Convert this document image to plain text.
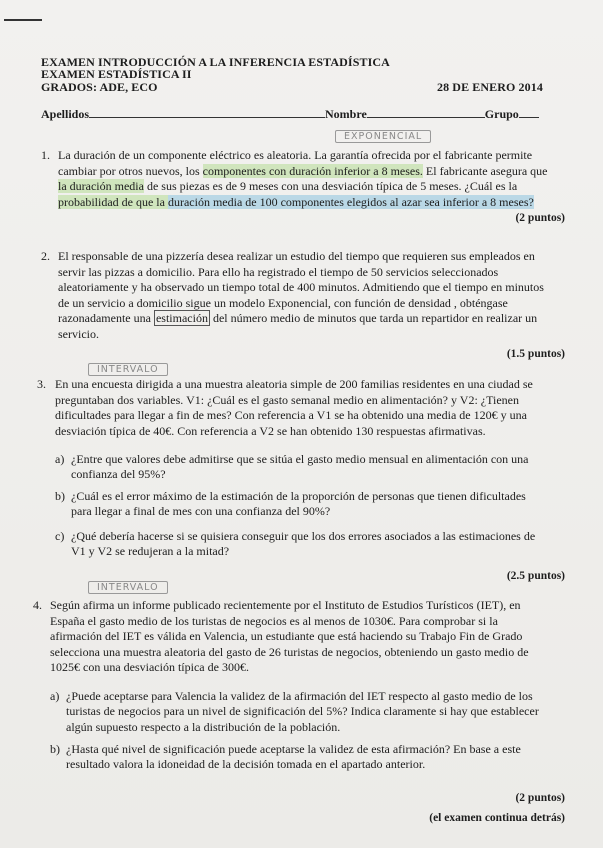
EXAMEN INTRODUCCIÓN A LA INFERENCIA ESTADÍSTICA
EXAMEN ESTADÍSTICA II
GRADOS: ADE, ECO	28 DE ENERO 2014
Apellidos	Nombre	Grupo
EXPONENCIAL
1. La duración de un componente eléctrico es aleatoria. La garantía ofrecida por el fabricante permite
cambiar por otros nuevos, los componentes con duración inferior a 8 meses. El fabricante asegura que
la duración media de sus piezas es de 9 meses con una desviación típica de 5 meses. ¿Cuál es la
probabilidad de que la duración media de 100 componentes elegidos al azar sea inferior a 8 meses?
(2 puntos)
2. El responsable de una pizzería desea realizar un estudio del tiempo que requieren sus empleados en
servir las pizzas a domicilio. Para ello ha registrado el tiempo de 50 servicios seleccionados
aleatoriamente y ha observado un tiempo total de 400 minutos. Admitiendo que el tiempo en minutos
de un servicio a domicilio sigue un modelo Exponencial, con función de densidad , obténgase
razonadamente una estimación del número medio de minutos que tarda un repartidor en realizar un
servicio.
(1.5 puntos)
INTERVALO
3. En una encuesta dirigida a una muestra aleatoria simple de 200 familias residentes en una ciudad se
preguntaban dos variables. V1: ¿Cuál es el gasto semanal medio en alimentación? y V2: ¿Tienen
dificultades para llegar a fin de mes? Con referencia a V1 se ha obtenido una media de 120€ y una
desviación típica de 40€. Con referencia a V2 se han obtenido 130 respuestas afirmativas.
a) ¿Entre que valores debe admitirse que se sitúa el gasto medio mensual en alimentación con una
confianza del 95%?
b) ¿Cuál es el error máximo de la estimación de la proporción de personas que tienen dificultades
para llegar a final de mes con una confianza del 90%?
c) ¿Qué debería hacerse si se quisiera conseguir que los dos errores asociados a las estimaciones de
V1 y V2 se redujeran a la mitad?
(2.5 puntos)
INTERVALO
4. Según afirma un informe publicado recientemente por el Instituto de Estudios Turísticos (IET), en
España el gasto medio de los turistas de negocios es al menos de 1030€. Para comprobar si la
afirmación del IET es válida en Valencia, un estudiante que está haciendo su Trabajo Fin de Grado
selecciona una muestra aleatoria del gasto de 26 turistas de negocios, obteniendo un gasto medio de
1025€ con una desviación típica de 300€.
a) ¿Puede aceptarse para Valencia la validez de la afirmación del IET respecto al gasto medio de los
turistas de negocios para un nivel de significación del 5%? Indica claramente si hay que establecer
algún supuesto respecto a la distribución de la población.
b) ¿Hasta qué nivel de significación puede aceptarse la validez de esta afirmación? En base a este
resultado valora la idoneidad de la decisión tomada en el apartado anterior.
(2 puntos)
(el examen continua detrás)
